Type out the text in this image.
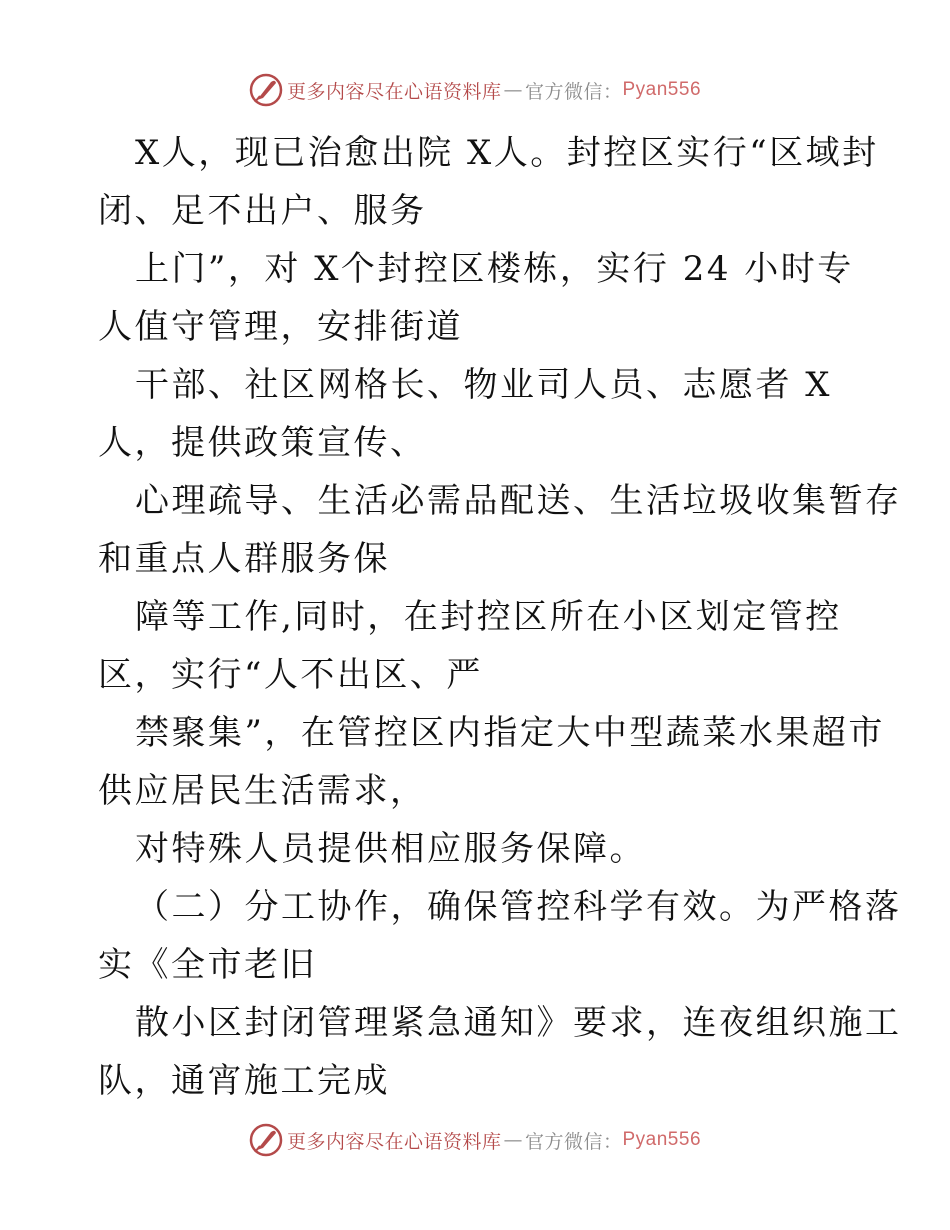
更多内容尽在心语资料库 — 官方微信： Pyan556
X人，现已治愈出院 X人。封控区实行“区域封
闭、足不出户、服务
上门”，对 X个封控区楼栋，实行 24 小时专
人值守管理，安排街道
干部、社区网格长、物业司人员、志愿者 X
人，提供政策宣传、
心理疏导、生活必需品配送、生活垃圾收集暂存
和重点人群服务保
障等工作,同时，在封控区所在小区划定管控
区，实行“人不出区、严
禁聚集”，在管控区内指定大中型蔬菜水果超市
供应居民生活需求，
对特殊人员提供相应服务保障。
（二）分工协作，确保管控科学有效。为严格落
实《全市老旧
散小区封闭管理紧急通知》要求，连夜组织施工
队，通宵施工完成
更多内容尽在心语资料库 — 官方微信： Pyan556
